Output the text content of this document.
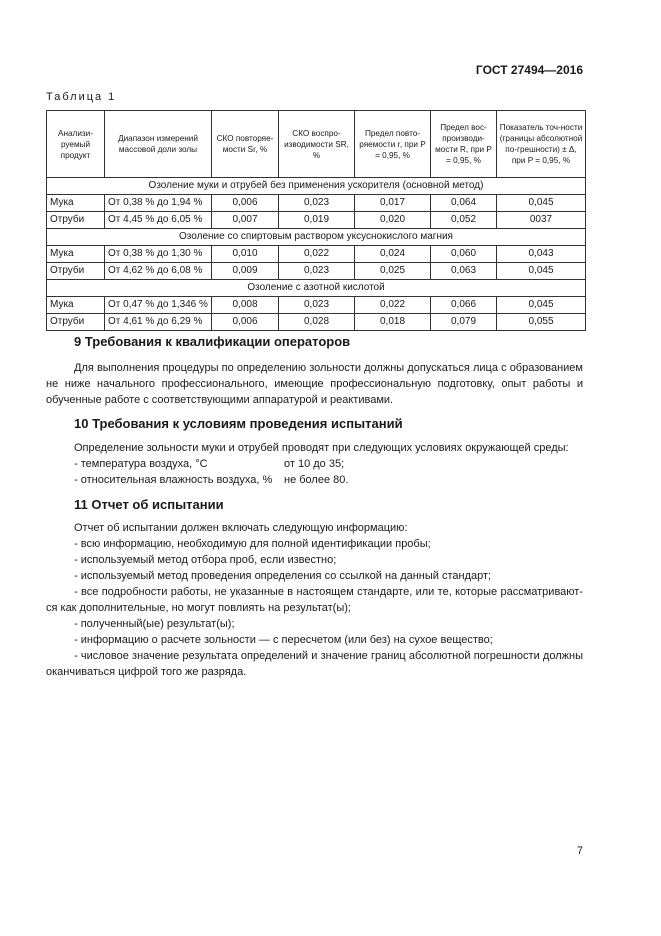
ГОСТ 27494—2016
Таблица 1
Анализи-руемый продукт	Диапазон измерений массовой доли золы	СКО повторяе-мости Sr, %	СКО воспро-изводимости SR, %	Предел повто-ряемости r, при P = 0,95, %	Предел вос-производи-мости R, при P = 0,95, %	Показатель точ-ности (границы абсолютной по-грешности) ± Δ, при P = 0,95, %
Озоление муки и отрубей без применения ускорителя (основной метод)						
Мука	От 0,38 % до 1,94 %	0,006	0,023	0,017	0,064	0,045
Отруби	От 4,45 % до 6,05 %	0,007	0,019	0,020	0,052	0037
Озоление со спиртовым раствором уксуснокислого магния						
Мука	От 0,38 % до 1,30 %	0,010	0,022	0,024	0,060	0,043
Отруби	От 4,62 % до 6,08 %	0,009	0,023	0,025	0,063	0,045
Озоление с азотной кислотой						
Мука	От 0,47 % до 1,346 %	0,008	0,023	0,022	0,066	0,045
Отруби	От 4,61 % до 6,29 %	0,006	0,028	0,018	0,079	0,055
9 Требования к квалификации операторов

Для выполнения процедуры по определению зольности должны допускаться лица с образованием не ниже начального профессионального, имеющие профессиональную подготовку, опыт работы и обученные работе с соответствующими аппаратурой и реактивами.

10 Требования к условиям проведения испытаний

Определение зольности муки и отрубей проводят при следующих условиях окружающей среды:

- температура воздуха, °С	от 10 до 35;

- относительная влажность воздуха, % не более 80.

11 Отчет об испытании

Отчет об испытании должен включать следующую информацию:

- всю информацию, необходимую для полной идентификации пробы;

- используемый метод отбора проб, если известно;

- используемый метод проведения определения со ссылкой на данный стандарт;

- все подробности работы, не указанные в настоящем стандарте, или те, которые рассматриваются как дополнительные, но могут повлиять на результат(ы);

- полученный(ые) результат(ы);

- информацию о расчете зольности — с пересчетом (или без) на сухое вещество;

- числовое значение результата определений и значение границ абсолютной погрешности должны оканчиваться цифрой того же разряда.

7
